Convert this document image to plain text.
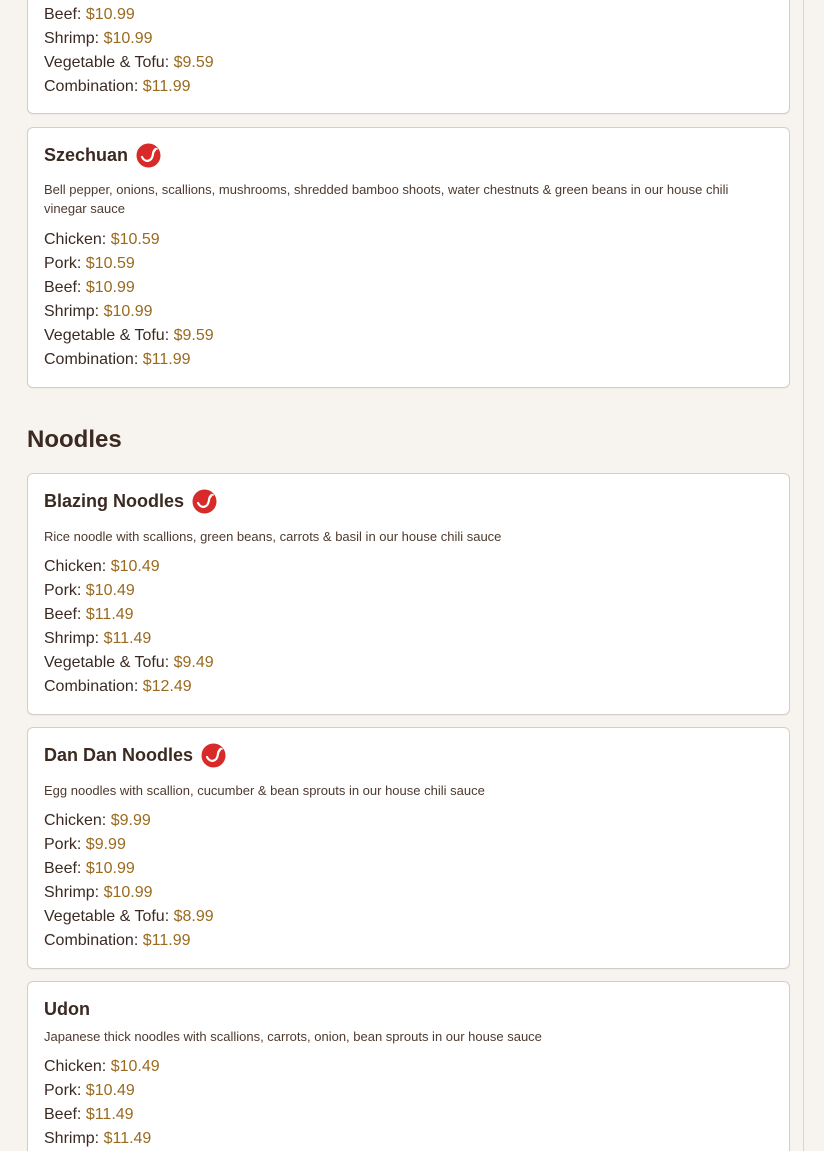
Beef: $10.99
Shrimp: $10.99
Vegetable & Tofu: $9.59
Combination: $11.99
Szechuan
Bell pepper, onions, scallions, mushrooms, shredded bamboo shoots, water chestnuts & green beans in our house chili vinegar sauce
Chicken: $10.59
Pork: $10.59
Beef: $10.99
Shrimp: $10.99
Vegetable & Tofu: $9.59
Combination: $11.99
Noodles
Blazing Noodles
Rice noodle with scallions, green beans, carrots & basil in our house chili sauce
Chicken: $10.49
Pork: $10.49
Beef: $11.49
Shrimp: $11.49
Vegetable & Tofu: $9.49
Combination: $12.49
Dan Dan Noodles
Egg noodles with scallion, cucumber & bean sprouts in our house chili sauce
Chicken: $9.99
Pork: $9.99
Beef: $10.99
Shrimp: $10.99
Vegetable & Tofu: $8.99
Combination: $11.99
Udon
Japanese thick noodles with scallions, carrots, onion, bean sprouts in our house sauce
Chicken: $10.49
Pork: $10.49
Beef: $11.49
Shrimp: $11.49
